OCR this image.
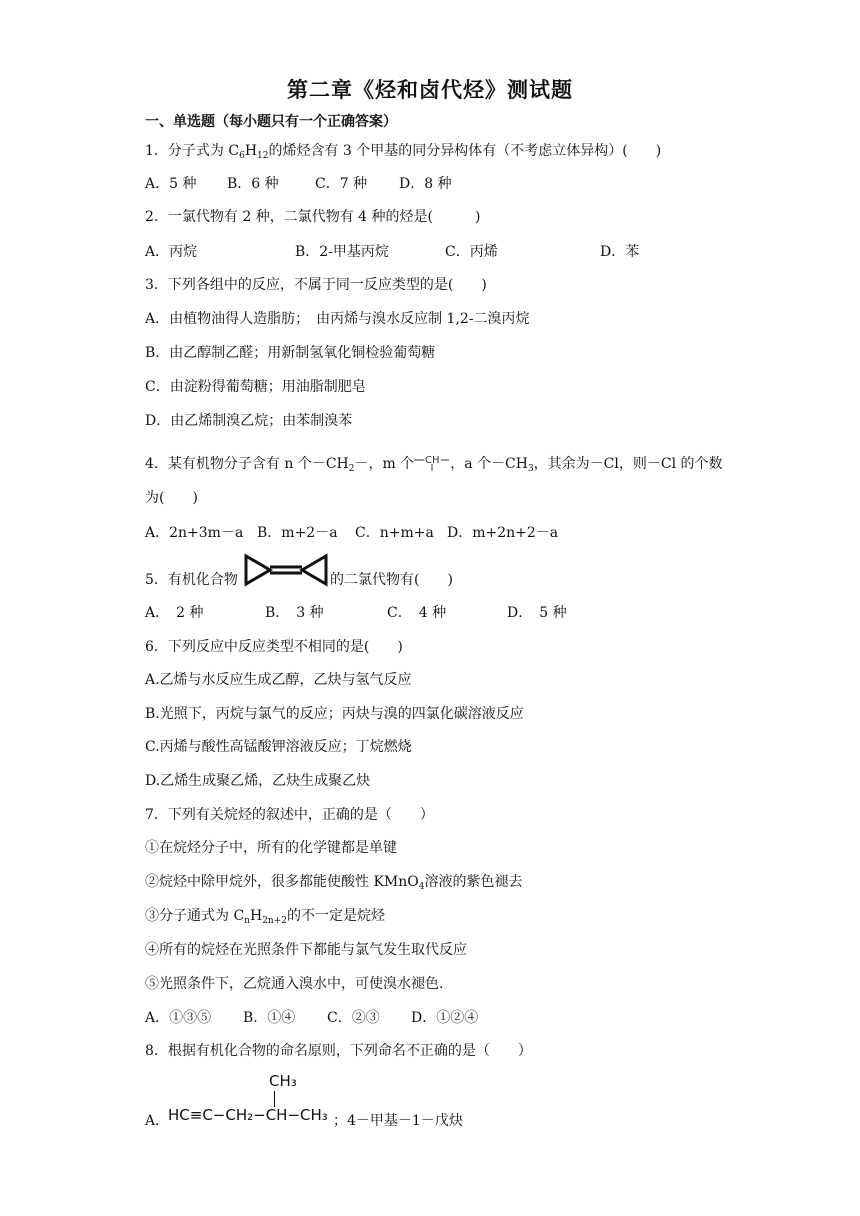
第二章《烃和卤代烃》测试题
一、单选题（每小题只有一个正确答案）
1．分子式为 $C_6H_{12}$的烯烃含有 3 个甲基的同分异构体有（不考虑立体异构）(　　)
A．5 种 B．6 种	C．7 种 D．8 种
2．一氯代物有 2 种，二氯代物有 4 种的烃是(　　　)
A．丙烷	B．2-甲基丙烷	C．丙烯	D．苯
3．下列各组中的反应，不属于同一反应类型的是(　　)
A．由植物油得人造脂肪；　由丙烯与溴水反应制 1,2-二溴丙烷
B．由乙醇制乙醛；用新制氢氧化铜检验葡萄糖
C．由淀粉得葡萄糖；用油脂制肥皂
D．由乙烯制溴乙烷；由苯制溴苯
4．某有机物分子含有 n 个$-CH_2-$，m 个 CH ，a 个$-CH_3$，其余为－Cl，则－Cl 的个数
为(　　)
A．2n+3m－a B．m+2－a C．n+m+a D．m+2n+2－a
5．有机化合物	的二氯代物有(　　)
A．　2 种	B．　3 种	C．　4 种	D．　5 种
6．下列反应中反应类型不相同的是(　　)
A.乙烯与水反应生成乙醇，乙炔与氢气反应
B.光照下，丙烷与氯气的反应；丙炔与溴的四氯化碳溶液反应
C.丙烯与酸性高锰酸钾溶液反应；丁烷燃烧
D.乙烯生成聚乙烯，乙炔生成聚乙炔
7．下列有关烷烃的叙述中，正确的是（　　）
①在烷烃分子中，所有的化学键都是单键
②烷烃中除甲烷外，很多都能使酸性 KMnO$_4$溶液的紫色褪去
③分子通式为 $C_nH_{2n+2}$的不一定是烷烃
④所有的烷烃在光照条件下都能与氯气发生取代反应
⑤光照条件下，乙烷通入溴水中，可使溴水褪色.
A．①③⑤ B．①④ C．②③ D．①②④
8．根据有机化合物的命名原则，下列命名不正确的是（　　）
A．
CH₃
HC≡C−CH₂−CH−CH₃ ；4－甲基－1－戊炔
